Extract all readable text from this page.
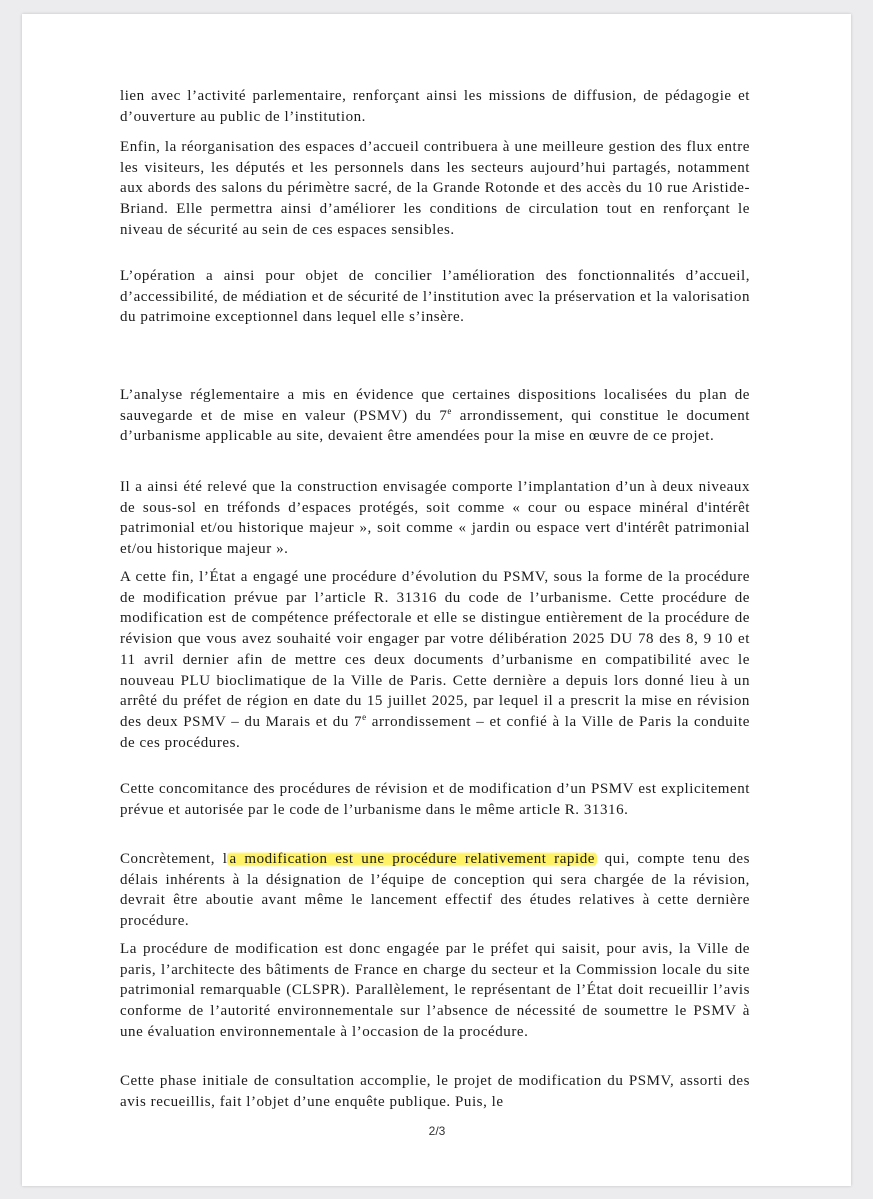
lien avec l’activité parlementaire, renforçant ainsi les missions de diffusion, de pédagogie et d’ouverture au public de l’institution.

Enfin, la réorganisation des espaces d’accueil contribuera à une meilleure gestion des flux entre les visiteurs, les députés et les personnels dans les secteurs aujourd’hui partagés, notamment aux abords des salons du périmètre sacré, de la Grande Rotonde et des accès du 10 rue Aristide-Briand. Elle permettra ainsi d’améliorer les conditions de circulation tout en renforçant le niveau de sécurité au sein de ces espaces sensibles.

L’opération a ainsi pour objet de concilier l’amélioration des fonctionnalités d’accueil, d’accessibilité, de médiation et de sécurité de l’institution avec la préservation et la valorisation du patrimoine exceptionnel dans lequel elle s’insère.

L’analyse réglementaire a mis en évidence que certaines dispositions localisées du plan de sauvegarde et de mise en valeur (PSMV) du 7e arrondissement, qui constitue le document d’urbanisme applicable au site, devaient être amendées pour la mise en œuvre de ce projet.

Il a ainsi été relevé que la construction envisagée comporte l’implantation d’un à deux niveaux de sous-sol en tréfonds d’espaces protégés, soit comme « cour ou espace minéral d'intérêt patrimonial et/ou historique majeur », soit comme « jardin ou espace vert d'intérêt patrimonial et/ou historique majeur ».

A cette fin, l’État a engagé une procédure d’évolution du PSMV, sous la forme de la procédure de modification prévue par l’article R. 31316 du code de l’urbanisme. Cette procédure de modification est de compétence préfectorale et elle se distingue entièrement de la procédure de révision que vous avez souhaité voir engager par votre délibération 2025 DU 78 des 8, 9 10 et 11 avril dernier afin de mettre ces deux documents d’urbanisme en compatibilité avec le nouveau PLU bioclimatique de la Ville de Paris. Cette dernière a depuis lors donné lieu à un arrêté du préfet de région en date du 15 juillet 2025, par lequel il a prescrit la mise en révision des deux PSMV – du Marais et du 7e arrondissement – et confié à la Ville de Paris la conduite de ces procédures.

Cette concomitance des procédures de révision et de modification d’un PSMV est explicitement prévue et autorisée par le code de l’urbanisme dans le même article R. 31316.

Concrètement, l a modification est une procédure relativement rapide qui, compte tenu des délais inhérents à la désignation de l’équipe de conception qui sera chargée de la révision, devrait être aboutie avant même le lancement effectif des études relatives à cette dernière procédure.

La procédure de modification est donc engagée par le préfet qui saisit, pour avis, la Ville de paris, l’architecte des bâtiments de France en charge du secteur et la Commission locale du site patrimonial remarquable (CLSPR). Parallèlement, le représentant de l’État doit recueillir l’avis conforme de l’autorité environnementale sur l’absence de nécessité de soumettre le PSMV à une évaluation environnementale à l’occasion de la procédure.

Cette phase initiale de consultation accomplie, le projet de modification du PSMV, assorti des avis recueillis, fait l’objet d’une enquête publique. Puis, le

2/3
